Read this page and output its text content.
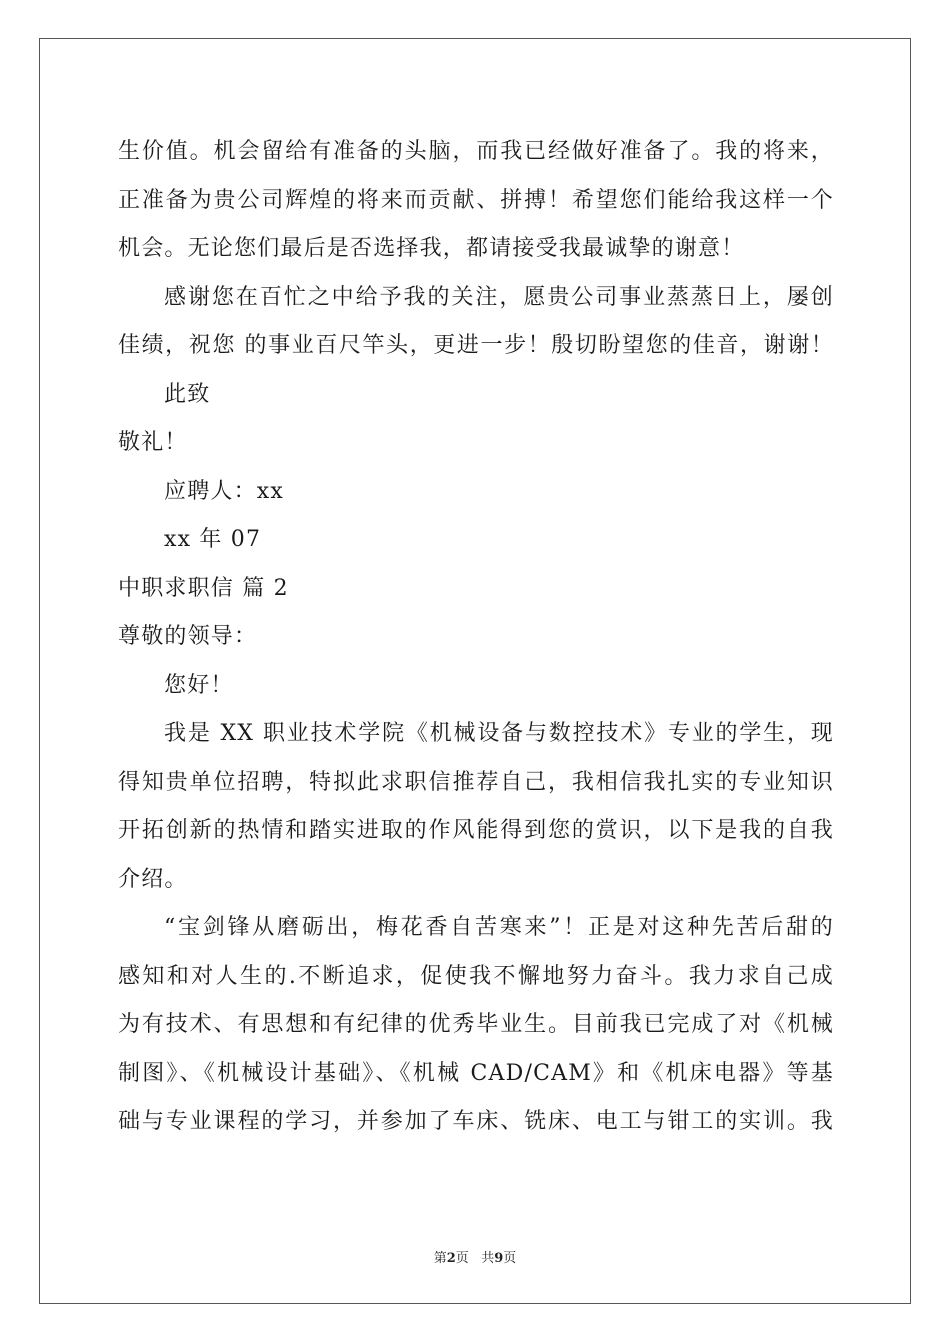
生价值。机会留给有准备的头脑，而我已经做好准备了。我的将来，
正准备为贵公司辉煌的将来而贡献、拼搏！希望您们能给我这样一个
机会。无论您们最后是否选择我，都请接受我最诚挚的谢意！
感谢您在百忙之中给予我的关注，愿贵公司事业蒸蒸日上，屡创
佳绩，祝您 的事业百尺竿头，更进一步！殷切盼望您的佳音，谢谢！
此致
敬礼！
应聘人：xx
xx 年 07
中职求职信 篇 2
尊敬的领导：
您好！
我是 XX 职业技术学院《机械设备与数控技术》专业的学生，现
得知贵单位招聘，特拟此求职信推荐自己，我相信我扎实的专业知识
开拓创新的热情和踏实进取的作风能得到您的赏识，以下是我的自我
介绍。
“宝剑锋从磨砺出，梅花香自苦寒来”！正是对这种先苦后甜的
感知和对人生的.不断追求，促使我不懈地努力奋斗。我力求自己成
为有技术、有思想和有纪律的优秀毕业生。目前我已完成了对《机械
制图》、《机械设计基础》、《机械 CAD/CAM》和《机床电器》等基
础与专业课程的学习，并参加了车床、铣床、电工与钳工的实训。我
第2页 共9页
